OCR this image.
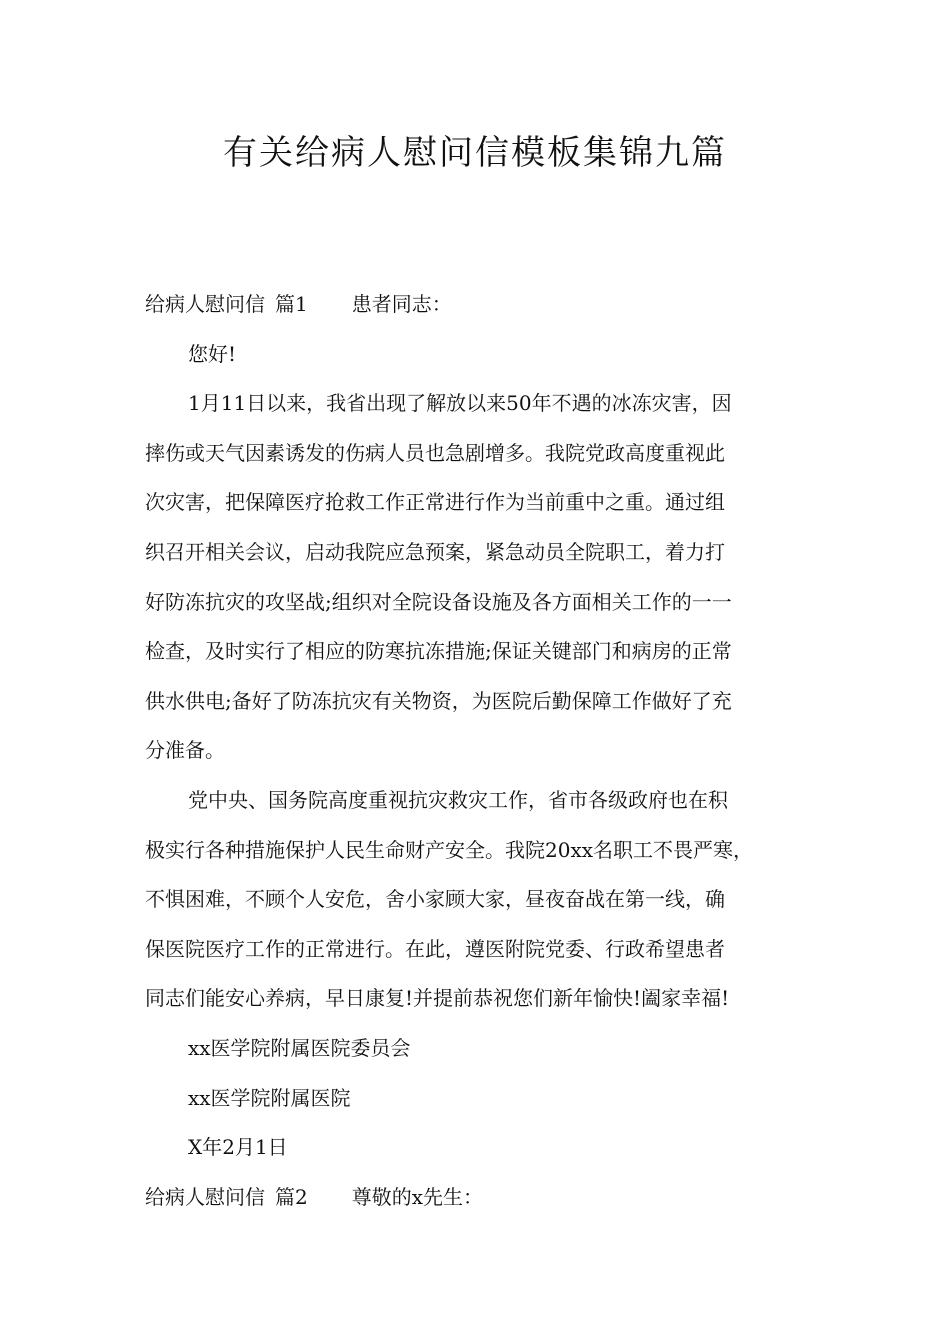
有关给病人慰问信模板集锦九篇
给病人慰问信 篇1 患者同志：
您好!
1月11日以来，我省出现了解放以来50年不遇的冰冻灾害，因
摔伤或天气因素诱发的伤病人员也急剧增多。我院党政高度重视此
次灾害，把保障医疗抢救工作正常进行作为当前重中之重。通过组
织召开相关会议，启动我院应急预案，紧急动员全院职工，着力打
好防冻抗灾的攻坚战;组织对全院设备设施及各方面相关工作的一一
检查，及时实行了相应的防寒抗冻措施;保证关键部门和病房的正常
供水供电;备好了防冻抗灾有关物资，为医院后勤保障工作做好了充
分准备。
党中央、国务院高度重视抗灾救灾工作，省市各级政府也在积
极实行各种措施保护人民生命财产安全。我院20xx名职工不畏严寒，
不惧困难，不顾个人安危，舍小家顾大家，昼夜奋战在第一线，确
保医院医疗工作的正常进行。在此，遵医附院党委、行政希望患者
同志们能安心养病，早日康复!并提前恭祝您们新年愉快!阖家幸福!
xx医学院附属医院委员会
xx医学院附属医院
X年2月1日
给病人慰问信 篇2 尊敬的x先生：
